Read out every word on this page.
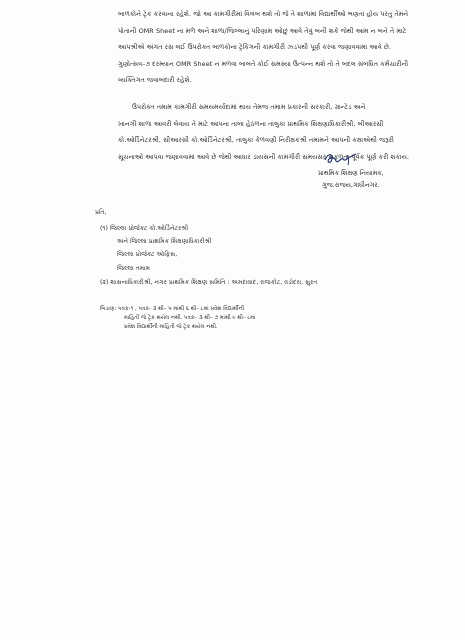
બાળકોને ટ્રેક કરવાના રહેશે. જો આ કામગીરીમાં વિલંબ થશે તો જે તે શાળામાં વિદ્યાર્થીઓ ભણતાં હોય પરંતુ તેમને
પોતાની OMR Sheet ના મળે અને શાળા/જિલ્લાનું પરિણામ ઓછું આવે તેવું બની શકે જેથી આમ ન બને તે માટે
આપશ્રીએ અંગત રસ લઈ ઉપરોક્ત બાળકોના ટ્રેકિંગની કામગીરી ઝડપથી પૂર્ણ કરવા જણાવવામાં આવે છે.
ગુણોત્સવ–૭ દરમ્યાન OMR Sheet ન મળવા બાબતે કોઈ સમસ્યા ઉત્પન્ન થશે તો તે બદલ સંબંધિત કર્મચારીની
વ્યક્તિગત જવાબદારી રહેશે.
ઉપરોક્ત તમામ કામગીરી સમયમર્યાદામાં થાય તેમજ તમામ પ્રકારની સરકારી, ગ્રાન્ટેડ અને
ખાનગી શાળા આવરી લેવાય તે માટે આપના તાબા હેઠળના તાલુકા પ્રાથમિક શિક્ષણાધિકારીશ્રી, બીઆરસી
કો.ઓર્ડિનેટરશ્રી, સીઆરસી કો.ઓર્ડિનેટરશ્રી, તાલુકા કેળવણી નિરીક્ષકશ્રી તમામને આપની કક્ષાએથી જરૂરી
સૂચનાઓ આપવા જણાવવામાં આવે છે જેથી આધાર ડાયસની કામગીરી સમયસર સફળતા પૂર્વક પૂર્ણ કરી શકાય.
પ્રાથમિક શિક્ષણ નિયામક,
ગુજ.રાજય,ગાંધીનગર.
પ્રતિ,
(૧) જિલ્લા પ્રોજેક્ટ કો.ઓર્ડિનેટરશ્રી
અને જિલ્લા પ્રાથમિક શિક્ષણાધિકારીશ્રી
જિલ્લા પ્રોજેક્ટ ઓફિસ,
જિલ્લા તમામ
(૨) શાસનાધિકારીશ્રી, નગર પ્રાથમિક શિક્ષણ સમિતિ : અમદાવાદ, રાજકોટ, વડોદરા, સુરત
બિડાણ: પત્રક-૧ , પત્રક- ૩ થી– ૫ માંથી ૬ થી– ૮માં પ્રવેશ વિદ્યાર્થીની
માહિતી જે ટ્રેક થયેલ નથી. પત્રક– ૩ થી– ૭ માંથી ૯ થી– ૮માં
પ્રવેશ વિદ્યાર્થીની માહિતી જે ટ્રેક થયેલ નથી.
